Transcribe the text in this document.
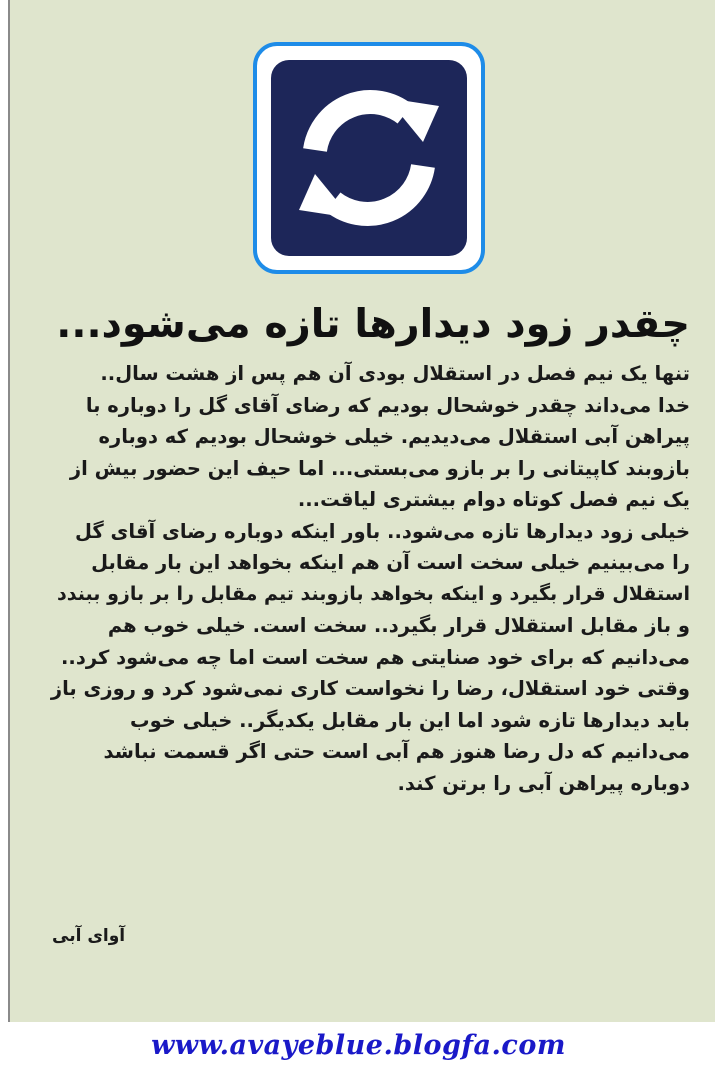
چقدر زود دیدارها تازه می‌شود...
تنها یک نیم فصل در استقلال بودی آن هم پس از هشت سال..
خدا می‌داند چقدر خوشحال بودیم که رضای آقای گل را دوباره با
پیراهن آبی استقلال می‌دیدیم. خیلی خوشحال بودیم که دوباره
بازوبند کاپیتانی را بر بازو می‌بستی... اما حیف این حضور بیش از
یک نیم فصل کوتاه دوام بیشتری لیاقت...
خیلی زود دیدارها تازه می‌شود.. باور اینکه دوباره رضای آقای گل
را می‌بینیم خیلی سخت است آن هم اینکه بخواهد این بار مقابل
استقلال قرار بگیرد و اینکه بخواهد بازوبند تیم مقابل را بر بازو ببندد
و باز مقابل استقلال قرار بگیرد.. سخت است. خیلی خوب هم
می‌دانیم که برای خود صنایتی هم سخت است اما چه می‌شود کرد..
وقتی خود استقلال، رضا را نخواست کاری نمی‌شود کرد و روزی باز
باید دیدارها تازه شود اما این بار مقابل یکدیگر.. خیلی خوب
می‌دانیم که دل رضا هنوز هم آبی است حتی اگر قسمت نباشد
دوباره پیراهن آبی را برتن کند.
آوای آبی
www.avayeblue.blogfa.com
